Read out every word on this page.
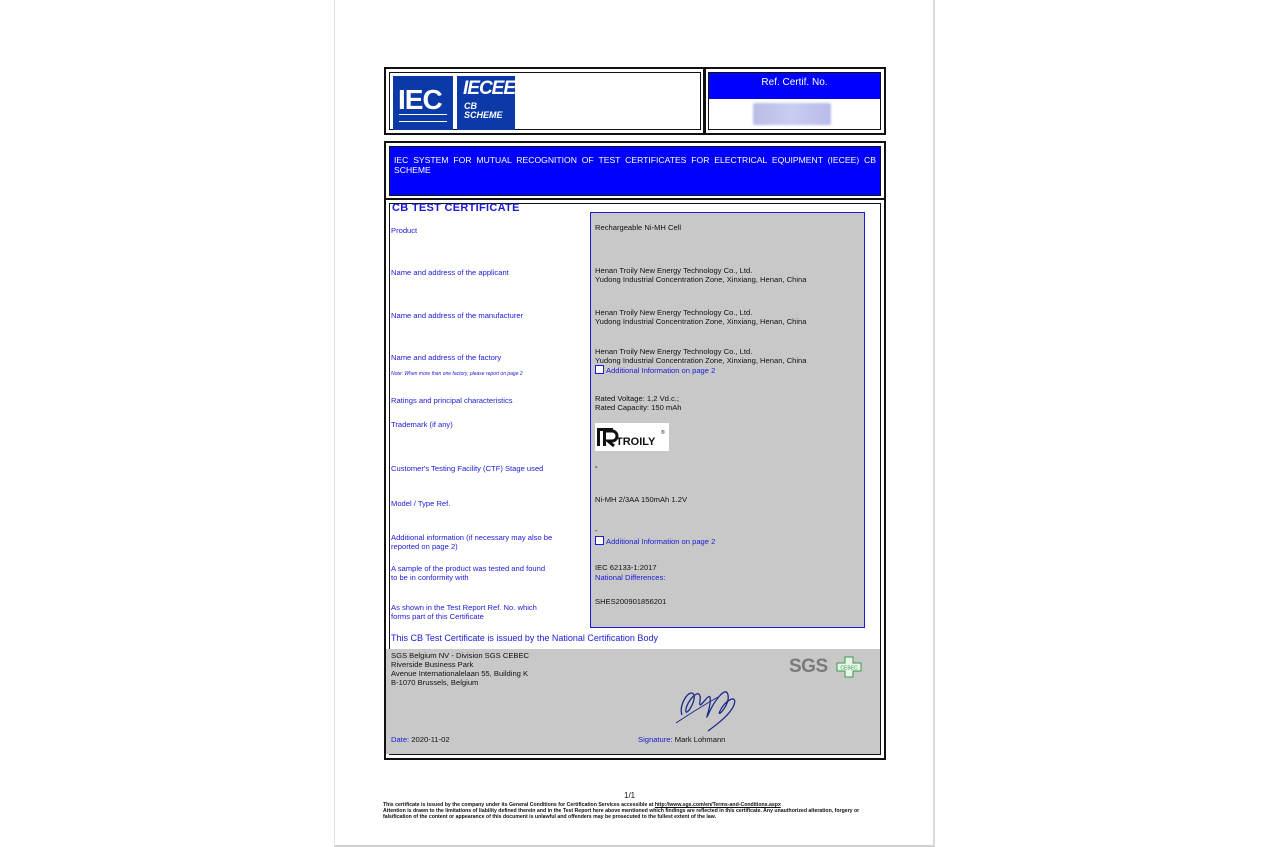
IEC IECEE
CB SCHEME
Ref. Certif. No.
IEC SYSTEM FOR MUTUAL RECOGNITION OF TEST CERTIFICATES FOR ELECTRICAL EQUIPMENT (IECEE) CB SCHEME
CB TEST CERTIFICATE
Product
Name and address of the applicant
Name and address of the manufacturer
Name and address of the factory
Note: When more than one factory, please report on page 2
Ratings and principal characteristics
Trademark (if any)
Customer's Testing Facility (CTF) Stage used
Model / Type Ref.
Additional information (if necessary may also be
reported on page 2)
A sample of the product was tested and found
to be in conformity with
As shown in the Test Report Ref. No. which
forms part of this Certificate
Rechargeable Ni-MH Cell
Henan Troily New Energy Technology Co., Ltd.
Yudong Industrial Concentration Zone, Xinxiang, Henan, China
Henan Troily New Energy Technology Co., Ltd.
Yudong Industrial Concentration Zone, Xinxiang, Henan, China
Henan Troily New Energy Technology Co., Ltd.
Yudong Industrial Concentration Zone, Xinxiang, Henan, China
Additional Information on page 2
Rated Voltage: 1,2 Vd.c.;
Rated Capacity: 150 mAh
TROILY
®
-
Ni-MH 2/3AA 150mAh 1.2V
-
Additional Information on page 2
IEC 62133-1:2017
National Differences:
SHES200901856201
This CB Test Certificate is issued by the National Certification Body
SGS Belgium NV - Division SGS CEBEC
Riverside Business Park
Avenue Internationalelaan 55, Building K
B-1070 Brussels, Belgium
SGS	CEBEC
Date: 2020-11-02	Signature: Mark Lohmann
1/1
This certificate is issued by the company under its General Conditions for Certification Services accessible at http://www.sgs.com/en/Terms-and-Conditions.aspx
Attention is drawn to the limitations of liability defined therein and in the Test Report here above mentioned which findings are reflected in this certificate. Any unauthorized alteration, forgery or falsification of the content or appearance of this document is unlawful and offenders may be prosecuted to the fullest extent of the law.
